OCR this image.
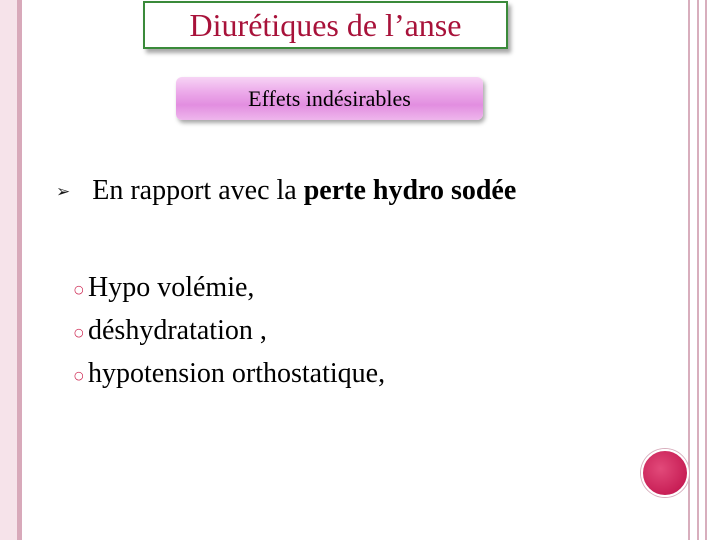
Diurétiques de l’anse
Effets indésirables
➢ En rapport avec la perte hydro sodée
○ Hypo volémie,
○ déshydratation ,
○ hypotension orthostatique,
